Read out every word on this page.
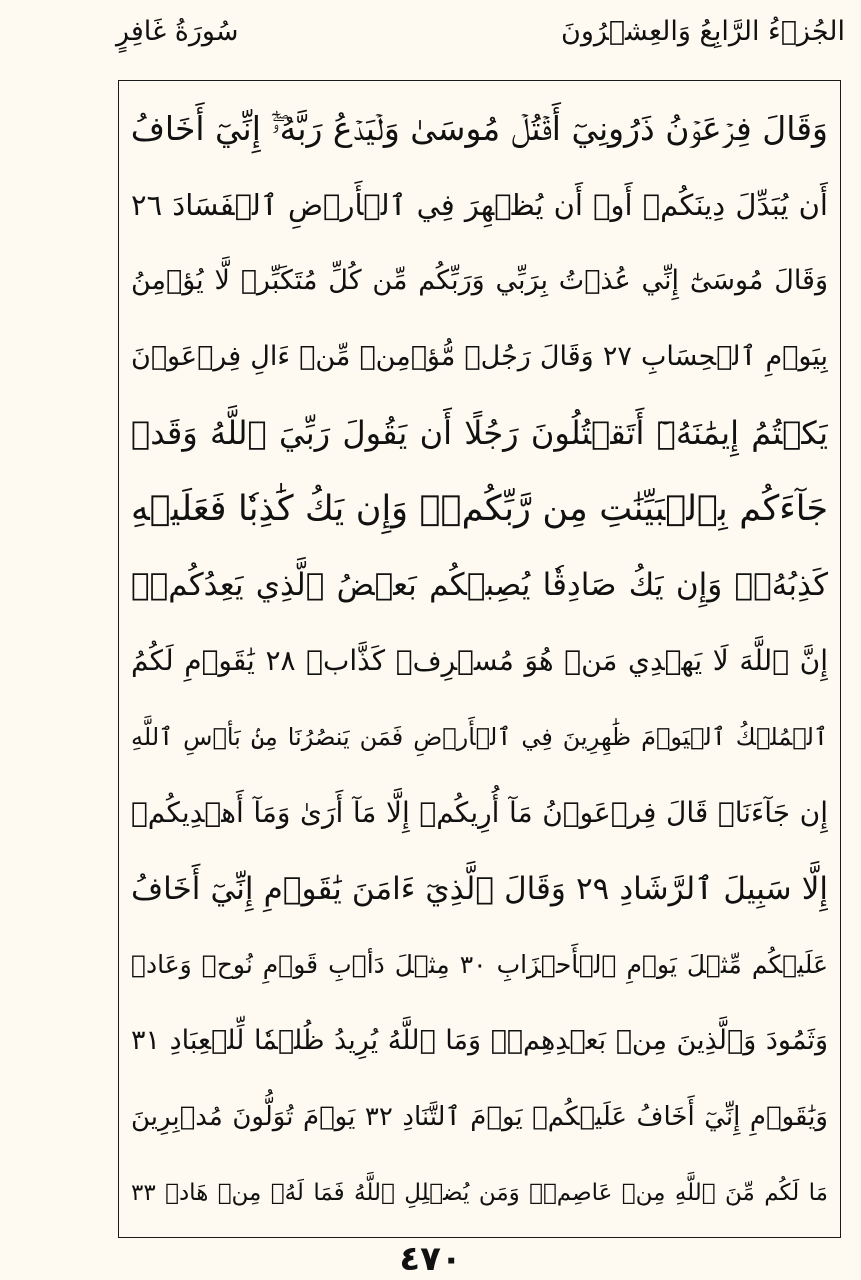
الجُزۡءُ الرَّابِعُ وَالعِشۡرُونَ
سُورَةُ غَافِرٍ
وَقَالَ فِرۡعَوۡنُ ذَرُونِيٓ أَقۡتُلۡ مُوسَىٰ وَلۡيَدۡعُ رَبَّهُۥٓۖ إِنِّيٓ أَخَافُ
أَن يُبَدِّلَ دِينَكُمۡ أَوۡ أَن يُظۡهِرَ فِي ٱلۡأَرۡضِ ٱلۡفَسَادَ ٢٦
وَقَالَ مُوسَىٰٓ إِنِّي عُذۡتُ بِرَبِّي وَرَبِّكُم مِّن كُلِّ مُتَكَبِّرٖ لَّا يُؤۡمِنُ
بِيَوۡمِ ٱلۡحِسَابِ ٢٧ وَقَالَ رَجُلٞ مُّؤۡمِنٞ مِّنۡ ءَالِ فِرۡعَوۡنَ
يَكۡتُمُ إِيمَٰنَهُۥٓ أَتَقۡتُلُونَ رَجُلًا أَن يَقُولَ رَبِّيَ ٱللَّهُ وَقَدۡ
جَآءَكُم بِٱلۡبَيِّنَٰتِ مِن رَّبِّكُمۡۖ وَإِن يَكُ كَٰذِبٗا فَعَلَيۡهِ
كَذِبُهُۥۖ وَإِن يَكُ صَادِقٗا يُصِبۡكُم بَعۡضُ ٱلَّذِي يَعِدُكُمۡۖ
إِنَّ ٱللَّهَ لَا يَهۡدِي مَنۡ هُوَ مُسۡرِفٞ كَذَّابٞ ٢٨ يَٰقَوۡمِ لَكُمُ
ٱلۡمُلۡكُ ٱلۡيَوۡمَ ظَٰهِرِينَ فِي ٱلۡأَرۡضِ فَمَن يَنصُرُنَا مِنۢ بَأۡسِ ٱللَّهِ
إِن جَآءَنَاۚ قَالَ فِرۡعَوۡنُ مَآ أُرِيكُمۡ إِلَّا مَآ أَرَىٰ وَمَآ أَهۡدِيكُمۡ
إِلَّا سَبِيلَ ٱلرَّشَادِ ٢٩ وَقَالَ ٱلَّذِيٓ ءَامَنَ يَٰقَوۡمِ إِنِّيٓ أَخَافُ
عَلَيۡكُم مِّثۡلَ يَوۡمِ ٱلۡأَحۡزَابِ ٣٠ مِثۡلَ دَأۡبِ قَوۡمِ نُوحٖ وَعَادٖ
وَثَمُودَ وَٱلَّذِينَ مِنۢ بَعۡدِهِمۡۚ وَمَا ٱللَّهُ يُرِيدُ ظُلۡمٗا لِّلۡعِبَادِ ٣١
وَيَٰقَوۡمِ إِنِّيٓ أَخَافُ عَلَيۡكُمۡ يَوۡمَ ٱلتَّنَادِ ٣٢ يَوۡمَ تُوَلُّونَ مُدۡبِرِينَ
مَا لَكُم مِّنَ ٱللَّهِ مِنۡ عَاصِمٖۗ وَمَن يُضۡلِلِ ٱللَّهُ فَمَا لَهُۥ مِنۡ هَادٖ ٣٣
٤٧٠
